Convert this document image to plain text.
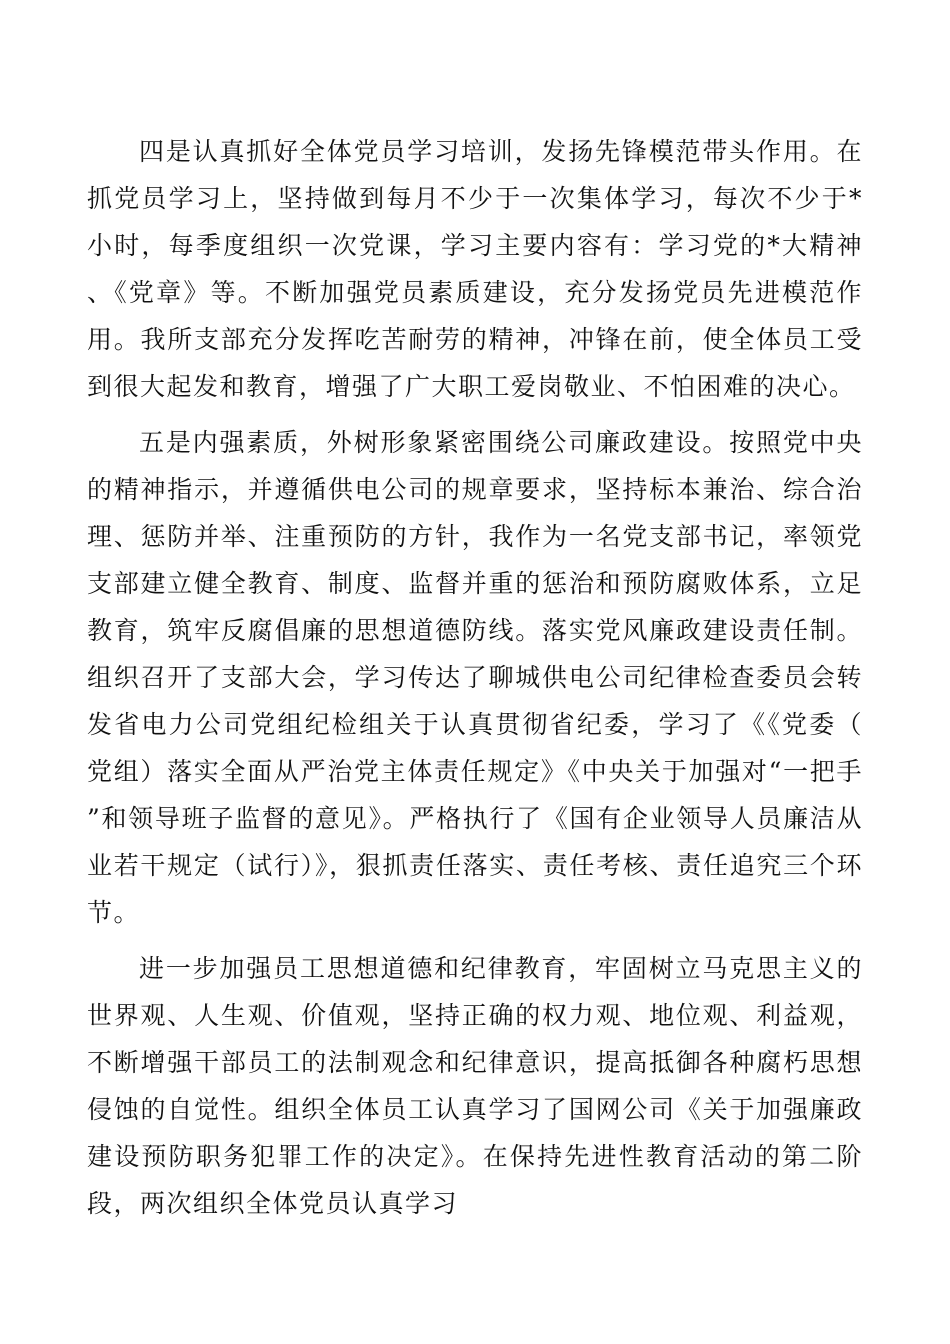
四是认真抓好全体党员学习培训，发扬先锋模范带头作用。在抓党员学习上，坚持做到每月不少于一次集体学习，每次不少于*小时，每季度组织一次党课，学习主要内容有：学习党的*大精神、《党章》等。不断加强党员素质建设，充分发扬党员先进模范作用。我所支部充分发挥吃苦耐劳的精神，冲锋在前，使全体员工受到很大起发和教育，增强了广大职工爱岗敬业、不怕困难的决心。

五是内强素质，外树形象紧密围绕公司廉政建设。按照党中央的精神指示，并遵循供电公司的规章要求，坚持标本兼治、综合治理、惩防并举、注重预防的方针，我作为一名党支部书记，率领党支部建立健全教育、制度、监督并重的惩治和预防腐败体系，立足教育，筑牢反腐倡廉的思想道德防线。落实党风廉政建设责任制。组织召开了支部大会，学习传达了聊城供电公司纪律检查委员会转发省电力公司党组纪检组关于认真贯彻省纪委，学习了《《党委（党组）落实全面从严治党主体责任规定》《中央关于加强对“一把手”和领导班子监督的意见》。严格执行了《国有企业领导人员廉洁从业若干规定（试行）》，狠抓责任落实、责任考核、责任追究三个环节。

进一步加强员工思想道德和纪律教育，牢固树立马克思主义的世界观、人生观、价值观，坚持正确的权力观、地位观、利益观，不断增强干部员工的法制观念和纪律意识，提高抵御各种腐朽思想侵蚀的自觉性。组织全体员工认真学习了国网公司《关于加强廉政建设预防职务犯罪工作的决定》。在保持先进性教育活动的第二阶段，两次组织全体党员认真学习
